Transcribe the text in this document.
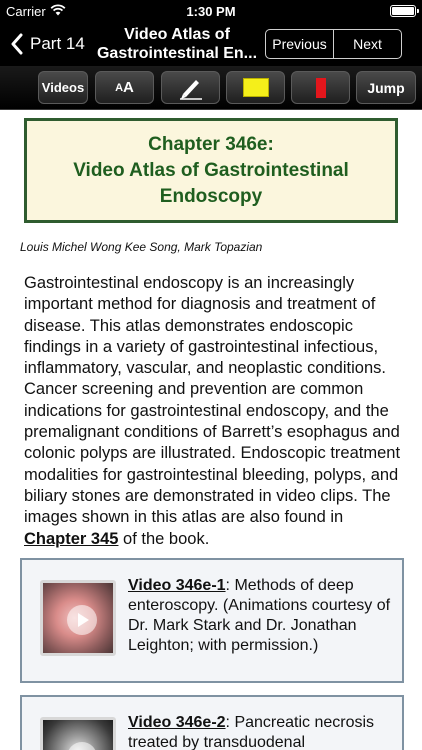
Carrier	1:30 PM
Part 14	Video Atlas of
Gastrointestinal En...
Previous	Next
Videos	A A	Jump
Chapter 346e:
Video Atlas of Gastrointestinal
Endoscopy
Louis Michel Wong Kee Song, Mark Topazian
Gastrointestinal endoscopy is an increasingly important method for diagnosis and treatment of disease. This atlas demonstrates endoscopic findings in a variety of gastrointestinal infectious, inflammatory, vascular, and neoplastic conditions. Cancer screening and prevention are common indications for gastrointestinal endoscopy, and the premalignant conditions of Barrett’s esophagus and colonic polyps are illustrated. Endoscopic treatment modalities for gastrointestinal bleeding, polyps, and biliary stones are demonstrated in video clips. The images shown in this atlas are also found in Chapter 345 of the book.
Video 346e-1: Methods of deep enteroscopy. (Animations courtesy of Dr. Mark Stark and Dr. Jonathan Leighton; with permission.)
Video 346e-2: Pancreatic necrosis treated by transduodenal
